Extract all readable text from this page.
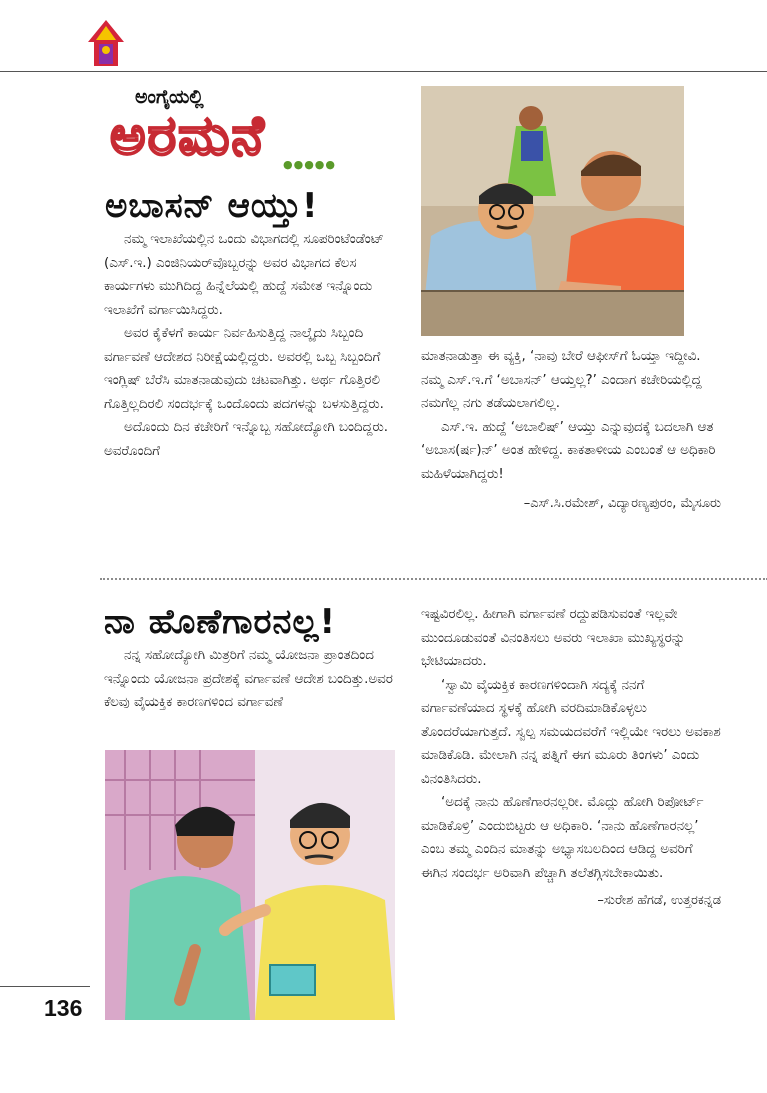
ಅಂಗೈಯಲ್ಲಿ
ಅರಮನೆ ●●●●●
ಅಬಾಸನ್ ಆಯ್ತು!

ನಮ್ಮ ಇಲಾಖೆಯಲ್ಲಿನ ಒಂದು ವಿಭಾಗದಲ್ಲಿ ಸೂಪರಿಂಟೆಂಡೆಂಟ್ (ಎಸ್.ಇ.) ಎಂಜಿನಿಯರ್‌ವೊಬ್ಬರನ್ನು ಅವರ ವಿಭಾಗದ ಕೆಲಸ ಕಾರ್ಯಗಳು ಮುಗಿದಿದ್ದ ಹಿನ್ನೆಲೆಯಲ್ಲಿ ಹುದ್ದೆ ಸಮೇತ ಇನ್ನೊಂದು ಇಲಾಖೆಗೆ ವರ್ಗಾಯಿಸಿದ್ದರು.

ಅವರ ಕೈಕೆಳಗೆ ಕಾರ್ಯ ನಿರ್ವಹಿಸುತ್ತಿದ್ದ ನಾಲ್ಕೈದು ಸಿಬ್ಬಂದಿ ವರ್ಗಾವಣೆ ಆದೇಶದ ನಿರೀಕ್ಷೆಯಲ್ಲಿದ್ದರು. ಅವರಲ್ಲಿ ಒಬ್ಬ ಸಿಬ್ಬಂದಿಗೆ ಇಂಗ್ಲಿಷ್ ಬೆರೆಸಿ ಮಾತನಾಡುವುದು ಚಟವಾಗಿತ್ತು. ಅರ್ಥ ಗೊತ್ತಿರಲಿ ಗೊತ್ತಿಲ್ಲದಿರಲಿ ಸಂದರ್ಭಕ್ಕೆ ಒಂದೊಂದು ಪದಗಳನ್ನು ಬಳಸುತ್ತಿದ್ದರು.

ಅದೊಂದು ದಿನ ಕಚೇರಿಗೆ ಇನ್ನೊಬ್ಬ ಸಹೋದ್ಯೋಗಿ ಬಂದಿದ್ದರು. ಅವರೊಂದಿಗೆ

ಮಾತನಾಡುತ್ತಾ ಈ ವ್ಯಕ್ತಿ, ‘ನಾವು ಬೇರೆ ಆಫೀಸ್‌ಗೆ ಓಯ್ತಾ ಇದ್ದೀವಿ. ನಮ್ಮ ಎಸ್.ಇ.ಗೆ ‘ಅಬಾಸನ್’ ಆಯ್ತಲ್ಲ?’ ಎಂದಾಗ ಕಚೇರಿಯಲ್ಲಿದ್ದ ನಮಗೆಲ್ಲ ನಗು ತಡೆಯಲಾಗಲಿಲ್ಲ.

ಎಸ್.ಇ. ಹುದ್ದೆ ‘ಅಬಾಲಿಷ್’ ಆಯ್ತು ಎನ್ನುವುದಕ್ಕೆ ಬದಲಾಗಿ ಆತ ‘ಅಬಾಸ(ರ್ಷ)ನ್’ ಅಂತ ಹೇಳಿದ್ದ. ಕಾಕತಾಳೀಯ ಎಂಬಂತೆ ಆ ಅಧಿಕಾರಿ ಮಹಿಳೆಯಾಗಿದ್ದರು!

–ಎಸ್.ಸಿ.ರಮೇಶ್, ವಿದ್ಯಾರಣ್ಯಪುರಂ, ಮೈಸೂರು

ನಾ ಹೊಣೆಗಾರನಲ್ಲ!

ನನ್ನ ಸಹೋದ್ಯೋಗಿ ಮಿತ್ರರಿಗೆ ನಮ್ಮ ಯೋಜನಾ ಪ್ರಾಂತದಿಂದ ಇನ್ನೊಂದು ಯೋಜನಾ ಪ್ರದೇಶಕ್ಕೆ ವರ್ಗಾವಣೆ ಆದೇಶ ಬಂದಿತ್ತು.ಅವರ ಕೆಲವು ವೈಯಕ್ತಿಕ ಕಾರಣಗಳಿಂದ ವರ್ಗಾವಣೆ

ಇಷ್ಟವಿರಲಿಲ್ಲ. ಹೀಗಾಗಿ ವರ್ಗಾವಣೆ ರದ್ದುಪಡಿಸುವಂತೆ ಇಲ್ಲವೇ ಮುಂದೂಡುವಂತೆ ವಿನಂತಿಸಲು ಅವರು ಇಲಾಖಾ ಮುಖ್ಯಸ್ಥರನ್ನು ಭೇಟಿಯಾದರು.

‘ಸ್ವಾಮಿ ವೈಯಕ್ತಿಕ ಕಾರಣಗಳಿಂದಾಗಿ ಸದ್ಯಕ್ಕೆ ನನಗೆ ವರ್ಗಾವಣೆಯಾದ ಸ್ಥಳಕ್ಕೆ ಹೋಗಿ ವರದಿಮಾಡಿಕೊಳ್ಳಲು ತೊಂದರೆಯಾಗುತ್ತದೆ. ಸ್ವಲ್ಪ ಸಮಯದವರೆಗೆ ಇಲ್ಲಿಯೇ ಇರಲು ಅವಕಾಶ ಮಾಡಿಕೊಡಿ. ಮೇಲಾಗಿ ನನ್ನ ಪತ್ನಿಗೆ ಈಗ ಮೂರು ತಿಂಗಳು’ ಎಂದು ವಿನಂತಿಸಿದರು.

‘ಅದಕ್ಕೆ ನಾನು ಹೊಣೆಗಾರನಲ್ಲರೀ. ಮೊದ್ಲು ಹೋಗಿ ರಿಪೋರ್ಟ್ ಮಾಡಿಕೊಳ್ರಿ’ ಎಂದುಬಿಟ್ಟರು ಆ ಅಧಿಕಾರಿ. ‘ನಾನು ಹೊಣೆಗಾರನಲ್ಲ’ ಎಂಬ ತಮ್ಮ ಎಂದಿನ ಮಾತನ್ನು ಅಭ್ಯಾಸಬಲದಿಂದ ಆಡಿದ್ದ ಅವರಿಗೆ ಈಗಿನ ಸಂದರ್ಭ ಅರಿವಾಗಿ ಪೆಚ್ಚಾಗಿ ತಲೆತಗ್ಗಿಸಬೇಕಾಯಿತು.

–ಸುರೇಶ ಹೆಗಡೆ, ಉತ್ತರಕನ್ನಡ

136
